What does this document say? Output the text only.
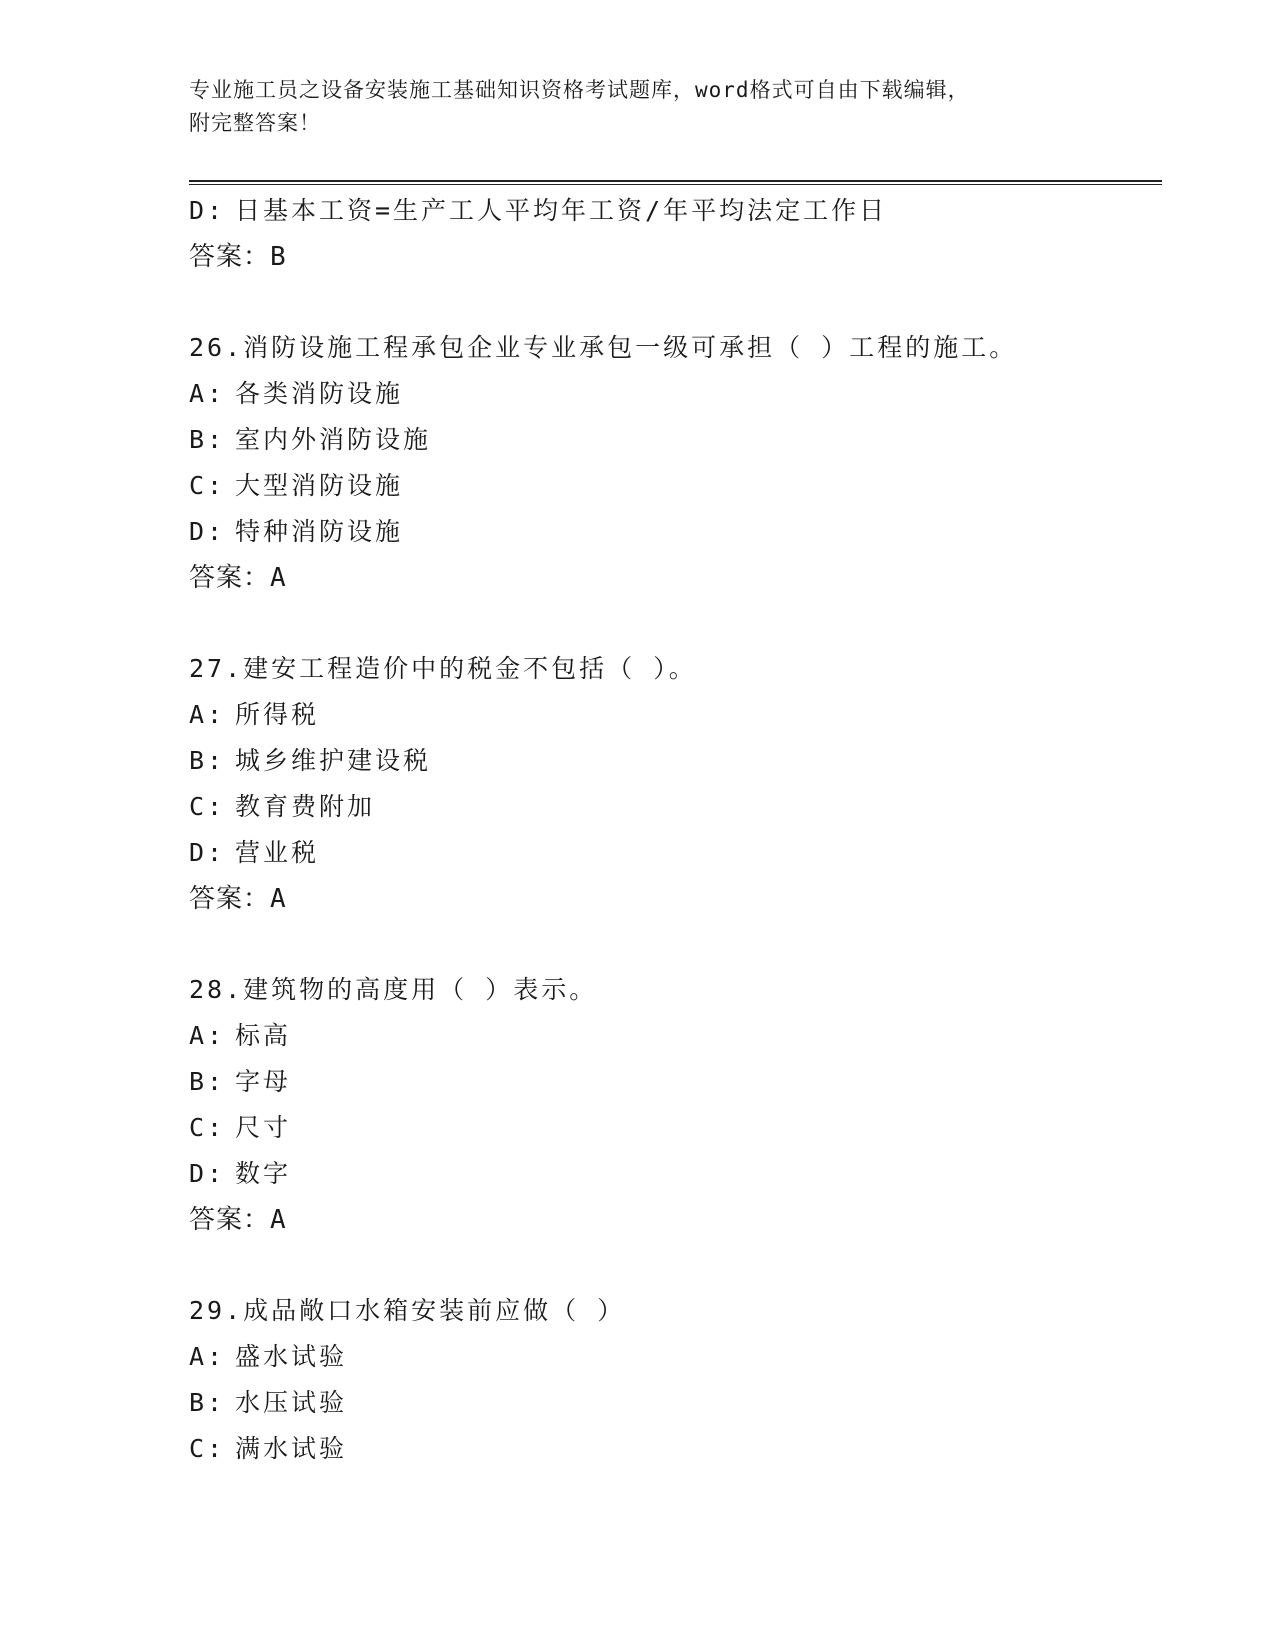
专业施工员之设备安装施工基础知识资格考试题库，word格式可自由下载编辑，
附完整答案！
D: 日基本工资=生产工人平均年工资/年平均法定工作日
答案：B
26.消防设施工程承包企业专业承包一级可承担（ ）工程的施工。
A: 各类消防设施
B: 室内外消防设施
C: 大型消防设施
D: 特种消防设施
答案：A
27.建安工程造价中的税金不包括（ ）。
A: 所得税
B: 城乡维护建设税
C: 教育费附加
D: 营业税
答案：A
28.建筑物的高度用（ ）表示。
A: 标高
B: 字母
C: 尺寸
D: 数字
答案：A
29.成品敞口水箱安装前应做（ ）
A: 盛水试验
B: 水压试验
C: 满水试验
